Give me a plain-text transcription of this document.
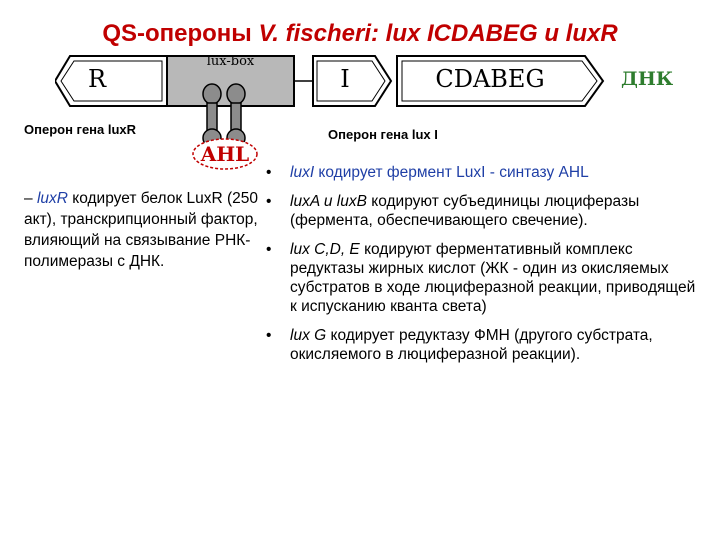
QS-опероны V. fischeri: lux ICDABEG и luxR
R
lux-box
I	CDABEG	ДНК
AHL
Оперон гена luxR	Оперон гена lux I
– luxR кодирует белок LuxR (250 акт), транскрипционный фактор, влияющий на связывание РНК-полимеразы с ДНК.
• luxI кодирует фермент LuxI - синтазу AHL
• luxA и luxB кодируют субъединицы люциферазы (фермента, обеспечивающего свечение).
• lux C,D, E кодируют ферментативный комплекс редуктазы жирных кислот (ЖК - один из окисляемых субстратов в ходе люциферазной реакции, приводящей к испусканию кванта света)
• lux G кодирует редуктазу ФМН (другого субстрата, окисляемого в люциферазной реакции).
